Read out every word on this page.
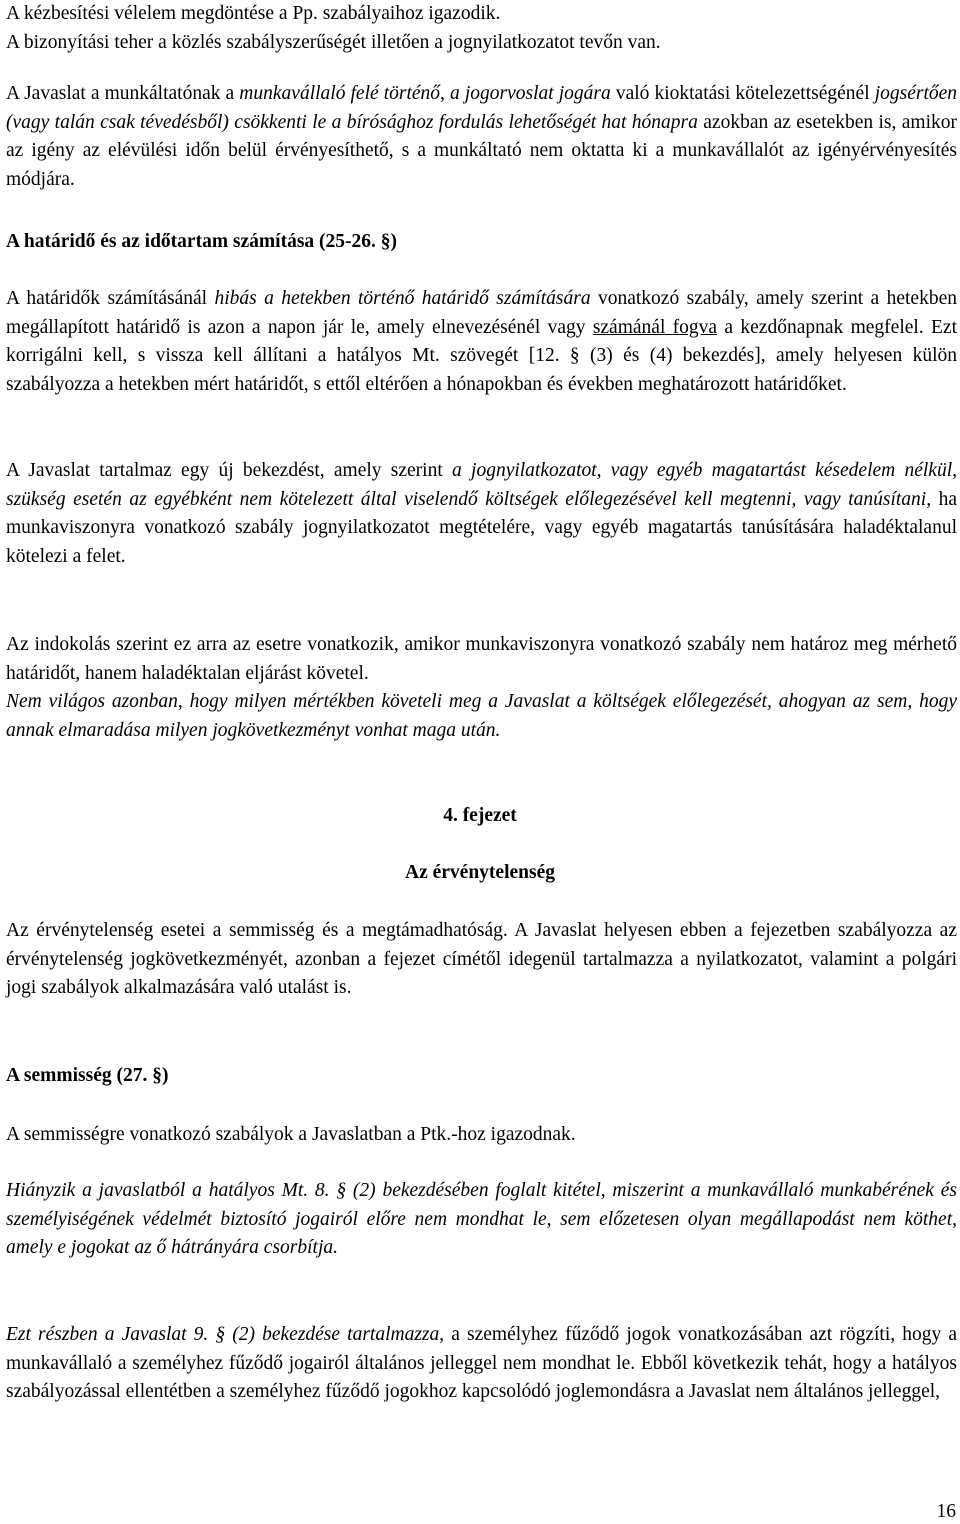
A kézbesítési vélelem megdöntése a Pp. szabályaihoz igazodik.
A bizonyítási teher a közlés szabályszerűségét illetően a jognyilatkozatot tevőn van.

A Javaslat a munkáltatónak a munkavállaló felé történő, a jogorvoslat jogára való kioktatási kötelezettségénél jogsértően (vagy talán csak tévedésből) csökkenti le a bírósághoz fordulás lehetőségét hat hónapra azokban az esetekben is, amikor az igény az elévülési időn belül érvényesíthető, s a munkáltató nem oktatta ki a munkavállalót az igényérvényesítés módjára.

A határidő és az időtartam számítása (25-26. §)

A határidők számításánál hibás a hetekben történő határidő számítására vonatkozó szabály, amely szerint a hetekben megállapított határidő is azon a napon jár le, amely elnevezésénél vagy számánál fogva a kezdőnapnak megfelel. Ezt korrigálni kell, s vissza kell állítani a hatályos Mt. szövegét [12. § (3) és (4) bekezdés], amely helyesen külön szabályozza a hetekben mért határidőt, s ettől eltérően a hónapokban és években meghatározott határidőket.

A Javaslat tartalmaz egy új bekezdést, amely szerint a jognyilatkozatot, vagy egyéb magatartást késedelem nélkül, szükség esetén az egyébként nem kötelezett által viselendő költségek előlegezésével kell megtenni, vagy tanúsítani, ha munkaviszonyra vonatkozó szabály jognyilatkozatot megtételére, vagy egyéb magatartás tanúsítására haladéktalanul kötelezi a felet.

Az indokolás szerint ez arra az esetre vonatkozik, amikor munkaviszonyra vonatkozó szabály nem határoz meg mérhető határidőt, hanem haladéktalan eljárást követel.

Nem világos azonban, hogy milyen mértékben követeli meg a Javaslat a költségek előlegezését, ahogyan az sem, hogy annak elmaradása milyen jogkövetkezményt vonhat maga után.

4. fejezet

Az érvénytelenség

Az érvénytelenség esetei a semmisség és a megtámadhatóság. A Javaslat helyesen ebben a fejezetben szabályozza az érvénytelenség jogkövetkezményét, azonban a fejezet címétől idegenül tartalmazza a nyilatkozatot, valamint a polgári jogi szabályok alkalmazására való utalást is.

A semmisség (27. §)

A semmisségre vonatkozó szabályok a Javaslatban a Ptk.-hoz igazodnak.

Hiányzik a javaslatból a hatályos Mt. 8. § (2) bekezdésében foglalt kitétel, miszerint a munkavállaló munkabérének és személyiségének védelmét biztosító jogairól előre nem mondhat le, sem előzetesen olyan megállapodást nem köthet, amely e jogokat az ő hátrányára csorbítja.

Ezt részben a Javaslat 9. § (2) bekezdése tartalmazza, a személyhez fűződő jogok vonatkozásában azt rögzíti, hogy a munkavállaló a személyhez fűződő jogairól általános jelleggel nem mondhat le. Ebből következik tehát, hogy a hatályos szabályozással ellentétben a személyhez fűződő jogokhoz kapcsolódó joglemondásra a Javaslat nem általános jelleggel,

16
